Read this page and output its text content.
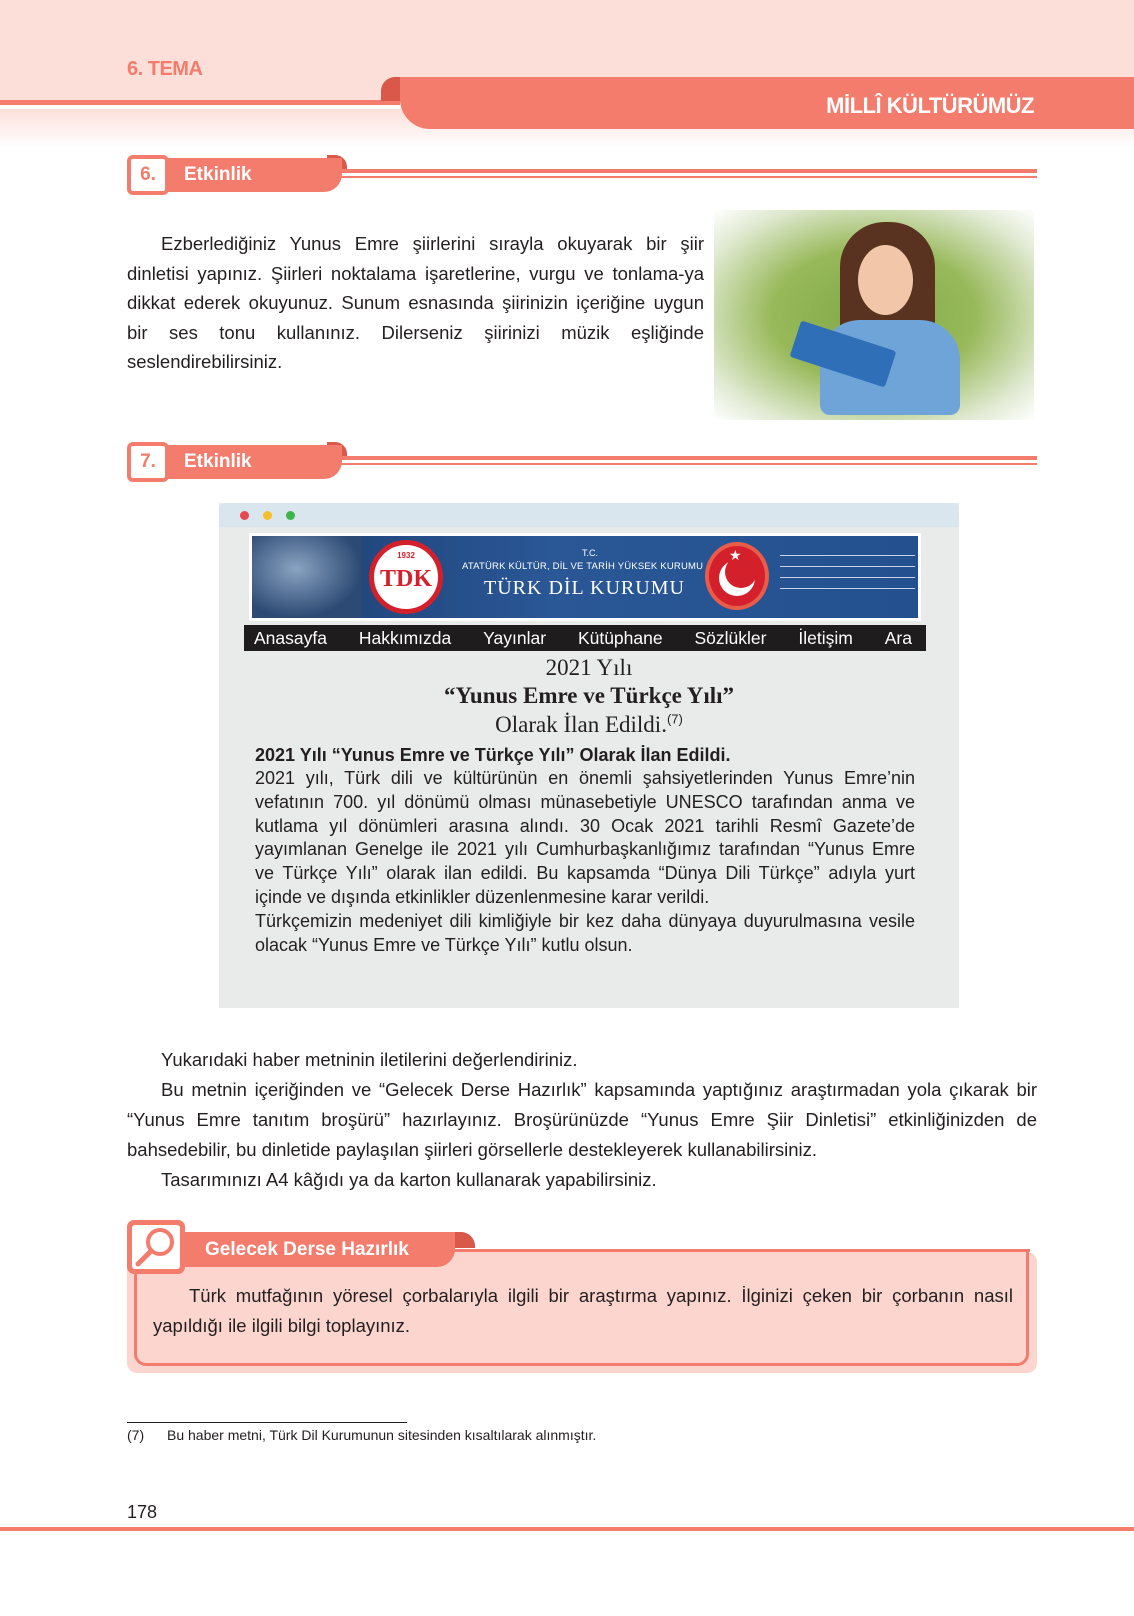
6. TEMA
MİLLÎ KÜLTÜRÜMÜZ
Etkinlik
6.

Ezberlediğiniz Yunus Emre şiirlerini sırayla okuyarak bir şiir dinletisi yapınız. Şiirleri noktalama işaretlerine, vurgu ve tonlama-ya dikkat ederek okuyunuz. Sunum esnasında şiirinizin içeriğine uygun bir ses tonu kullanınız. Dilerseniz şiirinizi müzik eşliğinde seslendirebilirsiniz.

Etkinlik
7.
1932
TDK
T.C.
ATATÜRK KÜLTÜR, DİL VE TARİH YÜKSEK KURUMU
TÜRK DİL KURUMU
★
Anasayfa Hakkımızda Yayınlar Kütüphane Sözlükler İletişim Ara
2021 Yılı
“Yunus Emre ve Türkçe Yılı”
Olarak İlan Edildi.$^{(7)}$
2021 Yılı “Yunus Emre ve Türkçe Yılı” Olarak İlan Edildi.

2021 yılı, Türk dili ve kültürünün en önemli şahsiyetlerinden Yunus Emre’nin vefatının 700. yıl dönümü olması münasebetiyle UNESCO tarafından anma ve kutlama yıl dönümleri arasına alındı. 30 Ocak 2021 tarihli Resmî Gazete’de yayımlanan Genelge ile 2021 yılı Cumhurbaşkanlığımız tarafından “Yunus Emre ve Türkçe Yılı” olarak ilan edildi. Bu kapsamda “Dünya Dili Türkçe” adıyla yurt içinde ve dışında etkinlikler düzenlenmesine karar verildi.

Türkçemizin medeniyet dili kimliğiyle bir kez daha dünyaya duyurulmasına vesile olacak “Yunus Emre ve Türkçe Yılı” kutlu olsun.

Yukarıdaki haber metninin iletilerini değerlendiriniz.

Bu metnin içeriğinden ve “Gelecek Derse Hazırlık” kapsamında yaptığınız araştırmadan yola çıkarak bir “Yunus Emre tanıtım broşürü” hazırlayınız. Broşürünüzde “Yunus Emre Şiir Dinletisi” etkinliğinizden de bahsedebilir, bu dinletide paylaşılan şiirleri görsellerle destekleyerek kullanabilirsiniz.

Tasarımınızı A4 kâğıdı ya da karton kullanarak yapabilirsiniz.

Gelecek Derse Hazırlık

Türk mutfağının yöresel çorbalarıyla ilgili bir araştırma yapınız. İlginizi çeken bir çorbanın nasıl yapıldığı ile ilgili bilgi toplayınız.

(7) Bu haber metni, Türk Dil Kurumunun sitesinden kısaltılarak alınmıştır.
178
